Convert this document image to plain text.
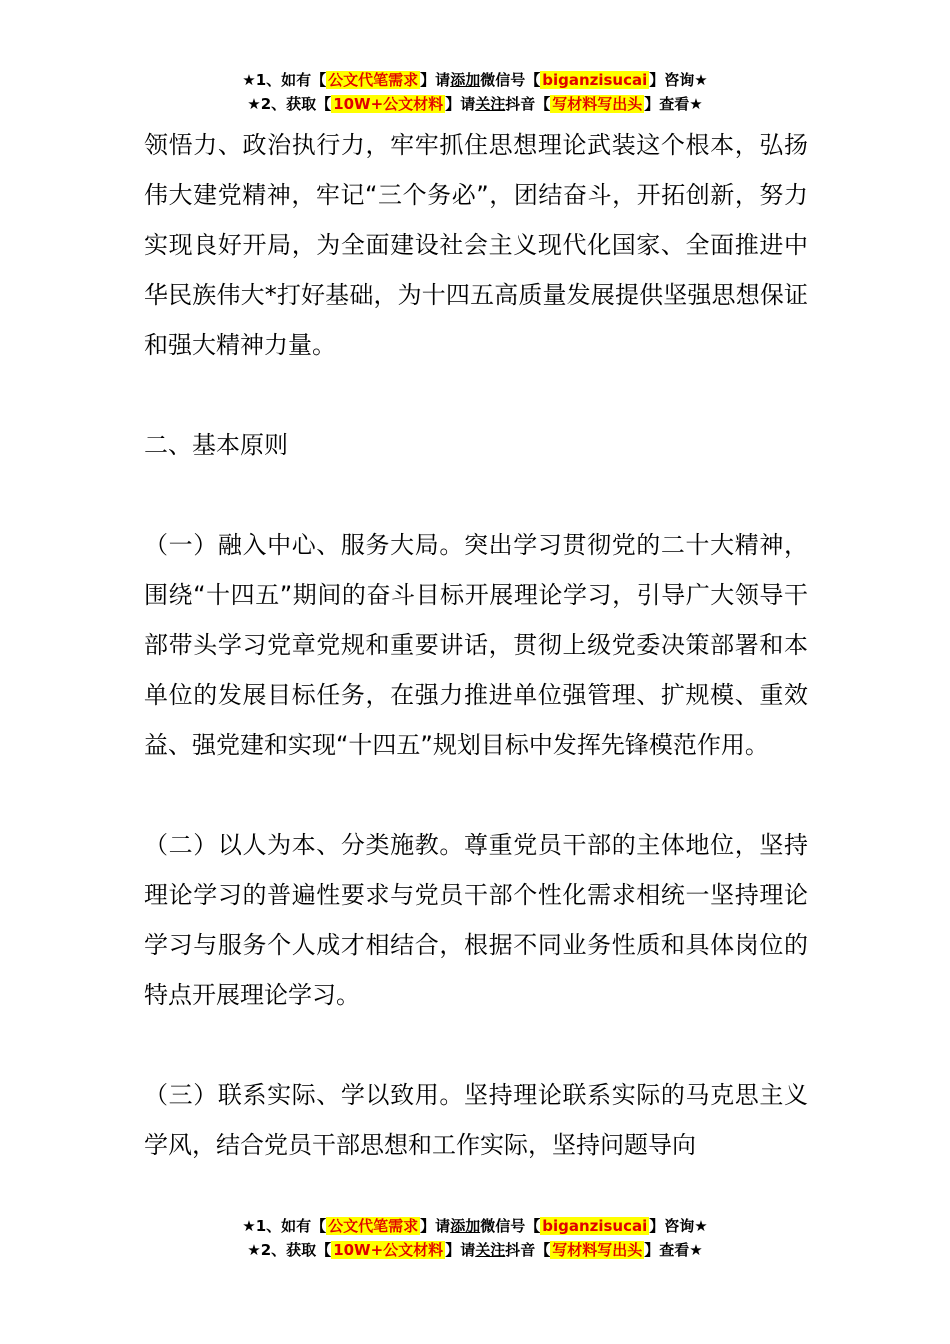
★1、如有【 公文代笔需求 】请添加微信号【 biganzisucai 】咨询★
★2、获取【 10W+公文材料 】请关注抖音【 写材料写出头 】查看★

领悟力、政治执行力，牢牢抓住思想理论武装这个根本，弘扬伟大建党精神，牢记“三个务必”，团结奋斗，开拓创新，努力实现良好开局，为全面建设社会主义现代化国家、全面推进中华民族伟大*打好基础，为十四五高质量发展提供坚强思想保证和强大精神力量。

二、基本原则

（一）融入中心、服务大局。突出学习贯彻党的二十大精神，围绕“十四五”期间的奋斗目标开展理论学习，引导广大领导干部带头学习党章党规和重要讲话，贯彻上级党委决策部署和本单位的发展目标任务，在强力推进单位强管理、扩规模、重效益、强党建和实现“十四五”规划目标中发挥先锋模范作用。

（二）以人为本、分类施教。尊重党员干部的主体地位，坚持理论学习的普遍性要求与党员干部个性化需求相统一坚持理论学习与服务个人成才相结合，根据不同业务性质和具体岗位的特点开展理论学习。

（三）联系实际、学以致用。坚持理论联系实际的马克思主义学风，结合党员干部思想和工作实际，坚持问题导向

★1、如有【 公文代笔需求 】请添加微信号【 biganzisucai 】咨询★
★2、获取【 10W+公文材料 】请关注抖音【 写材料写出头 】查看★
